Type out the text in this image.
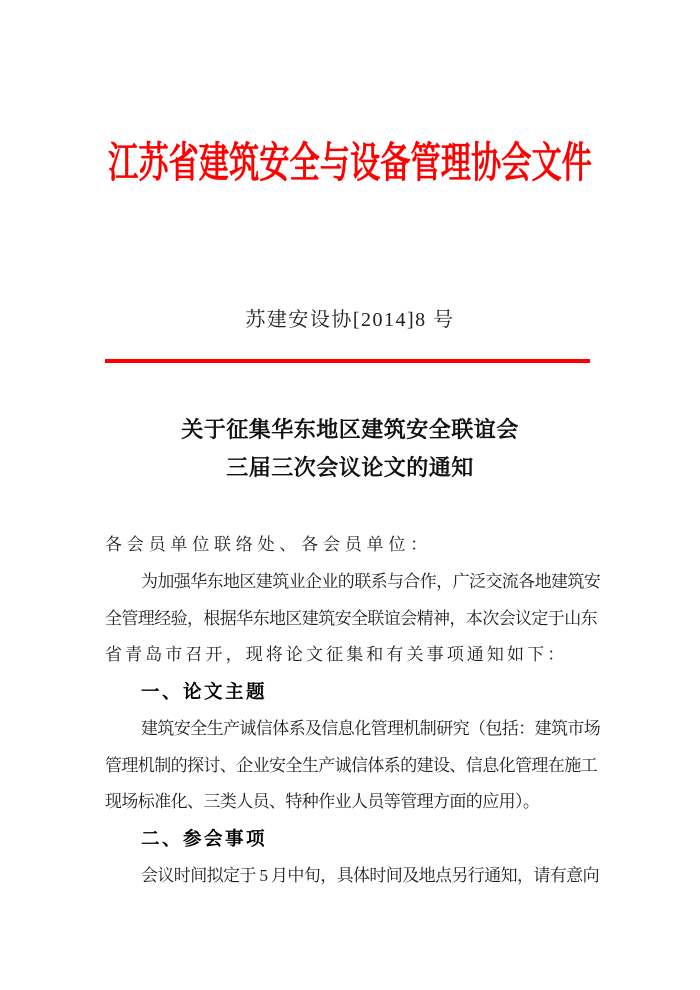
江苏省建筑安全与设备管理协会文件
苏建安设协[2014]8 号
关于征集华东地区建筑安全联谊会
三届三次会议论文的通知
各会员单位联络处、各会员单位：
为加强华东地区建筑业企业的联系与合作，广泛交流各地建筑安
全管理经验，根据华东地区建筑安全联谊会精神，本次会议定于山东
省青岛市召开，现将论文征集和有关事项通知如下：
一、论文主题
建筑安全生产诚信体系及信息化管理机制研究（包括：建筑市场
管理机制的探讨、企业安全生产诚信体系的建设、信息化管理在施工
现场标准化、三类人员、特种作业人员等管理方面的应用）。
二、参会事项
会议时间拟定于 5 月中旬，具体时间及地点另行通知，请有意向
